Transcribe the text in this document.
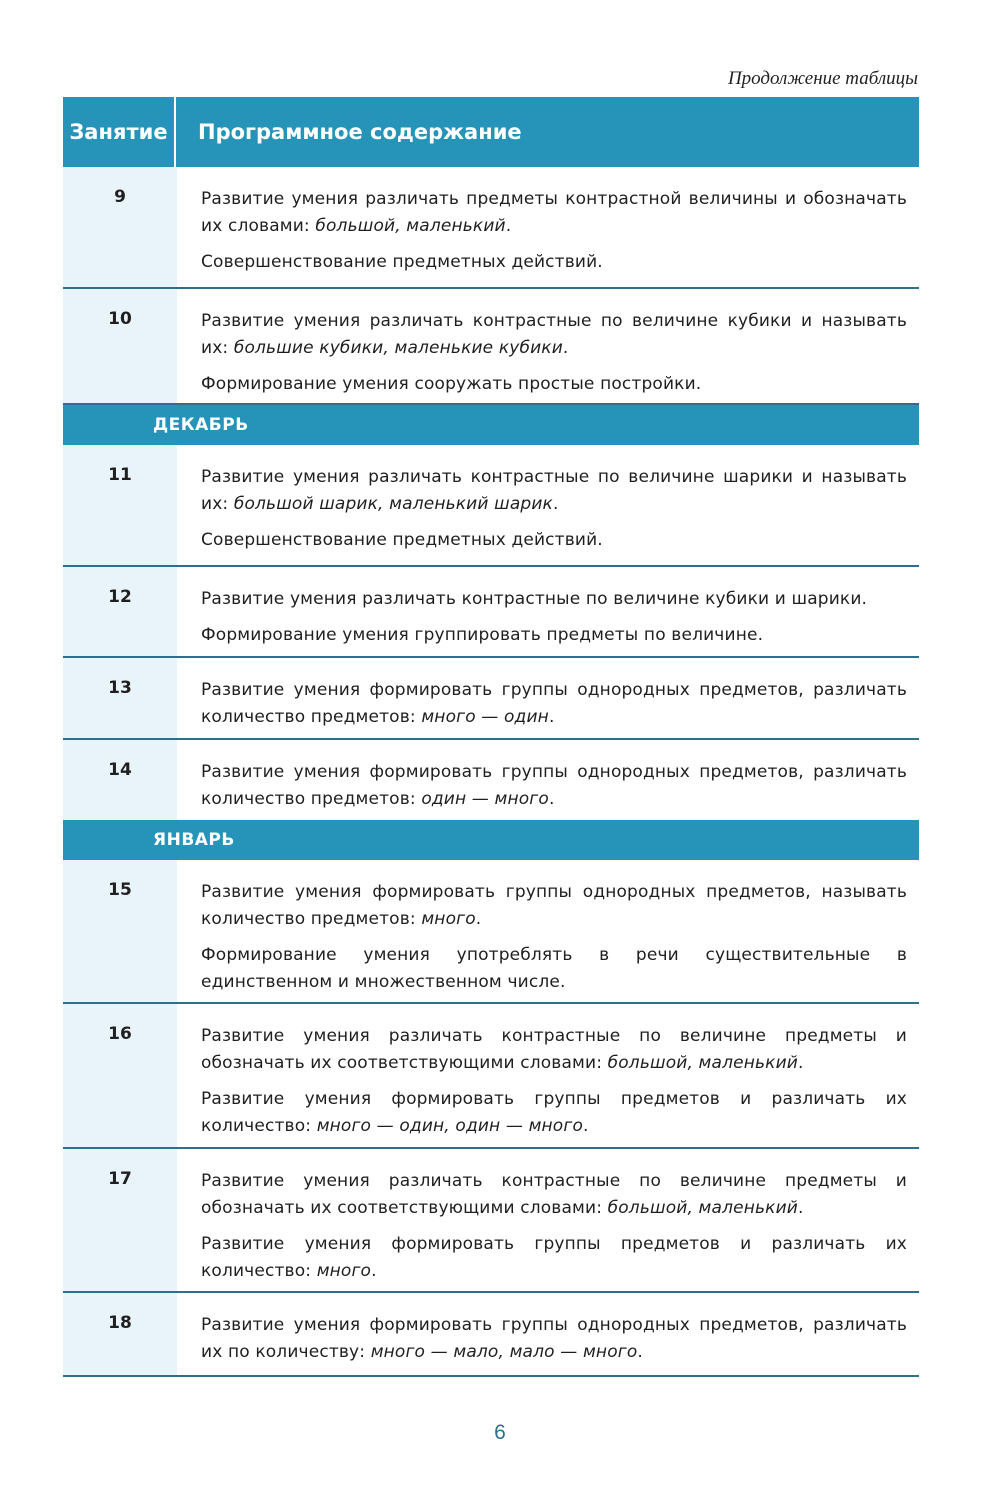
Продолжение таблицы
Занятие	Программное содержание
9	Развитие умения различать предметы контрастной величины и обозначать их словами: большой, маленький.

Совершенствование предметных действий.

10	Развитие умения различать контрастные по величине кубики и называть их: большие кубики, маленькие кубики.

Формирование умения сооружать простые постройки.

ДЕКАБРЬ
11	Развитие умения различать контрастные по величине шарики и называть их: большой шарик, маленький шарик.

Совершенствование предметных действий.

12	Развитие умения различать контрастные по величине кубики и шарики.

Формирование умения группировать предметы по величине.

13	Развитие умения формировать группы однородных предметов, различать количество предметов: много — один.

14	Развитие умения формировать группы однородных предметов, различать количество предметов: один — много.

ЯНВАРЬ
15	Развитие умения формировать группы однородных предметов, называть количество предметов: много.

Формирование умения употреблять в речи существительные в единственном и множественном числе.

16	Развитие умения различать контрастные по величине предметы и обозначать их соответствующими словами: большой, маленький.

Развитие умения формировать группы предметов и различать их количество: много — один, один — много.

17	Развитие умения различать контрастные по величине предметы и обозначать их соответствующими словами: большой, маленький.

Развитие умения формировать группы предметов и различать их количество: много.

18	Развитие умения формировать группы однородных предметов, различать их по количеству: много — мало, мало — много.

6
